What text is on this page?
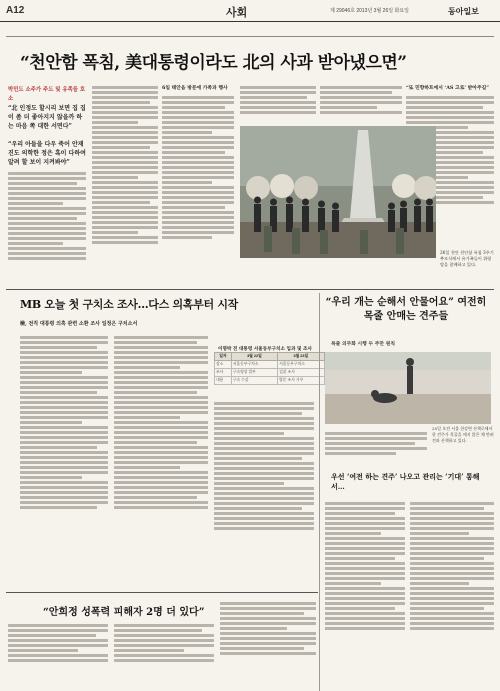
A12	사회	제 29046호 2013년 3월 26일 화요일	동아일보
“천안함 폭침, 美대통령이라도 北의 사과 받아냈으면”
박민도 소주가 주도 및 유족들 호소
“北 인정도 할시리 보면 집 집이 좀 더 좋아지지 않을까 하는 마음 쪽 대한 서면다”
“우리 아들을 다우 죽어 안재진도 의학한 정은 혹이 다하여 알려 할 보이 지켜봐야”
6일 태안음 방문에 가족과 행사	“또 민향하트에서 ‘AS 고로’ 받아주길”
26일 천안 천안함 폭침 3주기 추모식에서 유가족들이 위령탑을 참배하고 있다.
MB 오늘 첫 구치소 조사…다스 의혹부터 시작
檢, 전직 대통령 의혹 관련 소환 조사 일정은 구치소서
이명박 전 대통령 서울동부구치소 입과 및 조사
일자	3월 22일	3월 23일	
장소	서울동부구치소	서울동부구치소	
조사	구속영장 발부	검찰 조사	
내용	구속 수감	방문 조사 거부	
“우리 개는 순해서 안물어요” 여전히 목줄 안매는 견주들
목줄 의무화 시행 두 주만 원칙
25일 오전 서울 한강변 산책로에서 한 견주가 목줄을 매지 않은 채 반려견과 산책하고 있다.
우선 ‘여전 하는 견주’ 나오고 관리는 ‘기대’ 통해서…
“안희정 성폭력 피해자 2명 더 있다”
